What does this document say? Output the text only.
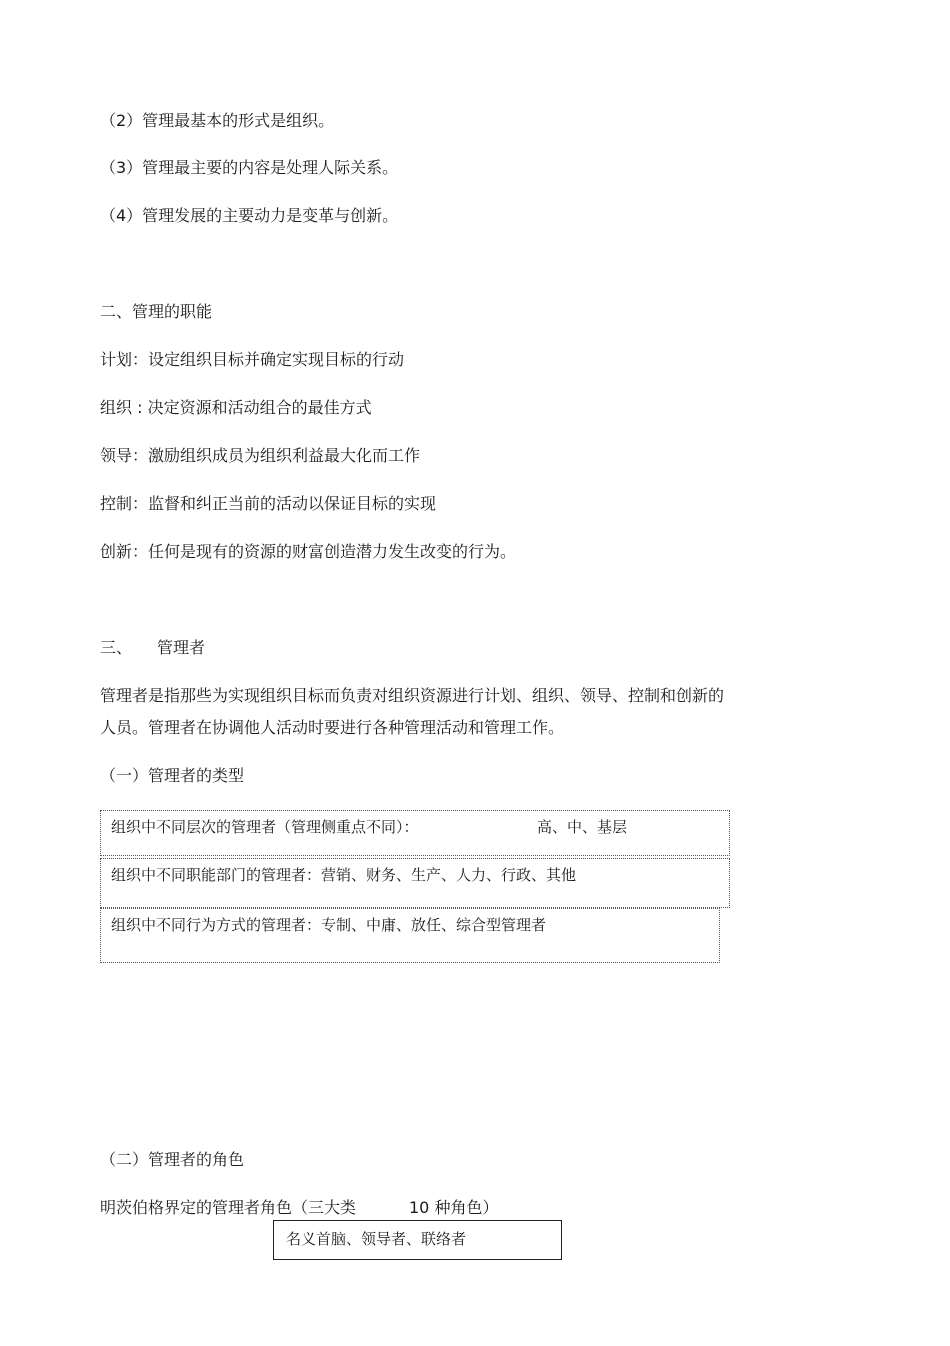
（2）管理最基本的形式是组织。
（3）管理最主要的内容是处理人际关系。
（4）管理发展的主要动力是变革与创新。
二、管理的职能
计划：设定组织目标并确定实现目标的行动
组织 : 决定资源和活动组合的最佳方式
领导：激励组织成员为组织利益最大化而工作
控制：监督和纠正当前的活动以保证目标的实现
创新：任何是现有的资源的财富创造潜力发生改变的行为。
三、 管理者
管理者是指那些为实现组织目标而负责对组织资源进行计划、组织、领导、控制和创新的
人员。管理者在协调他人活动时要进行各种管理活动和管理工作。
（一）管理者的类型
组织中不同层次的管理者（管理侧重点不同）：	高、中、基层
组织中不同职能部门的管理者：营销、财务、生产、人力、行政、其他
组织中不同行为方式的管理者：专制、中庸、放任、综合型管理者
（二）管理者的角色
明茨伯格界定的管理者角色（三大类	10 种角色）
名义首脑、领导者、联络者
